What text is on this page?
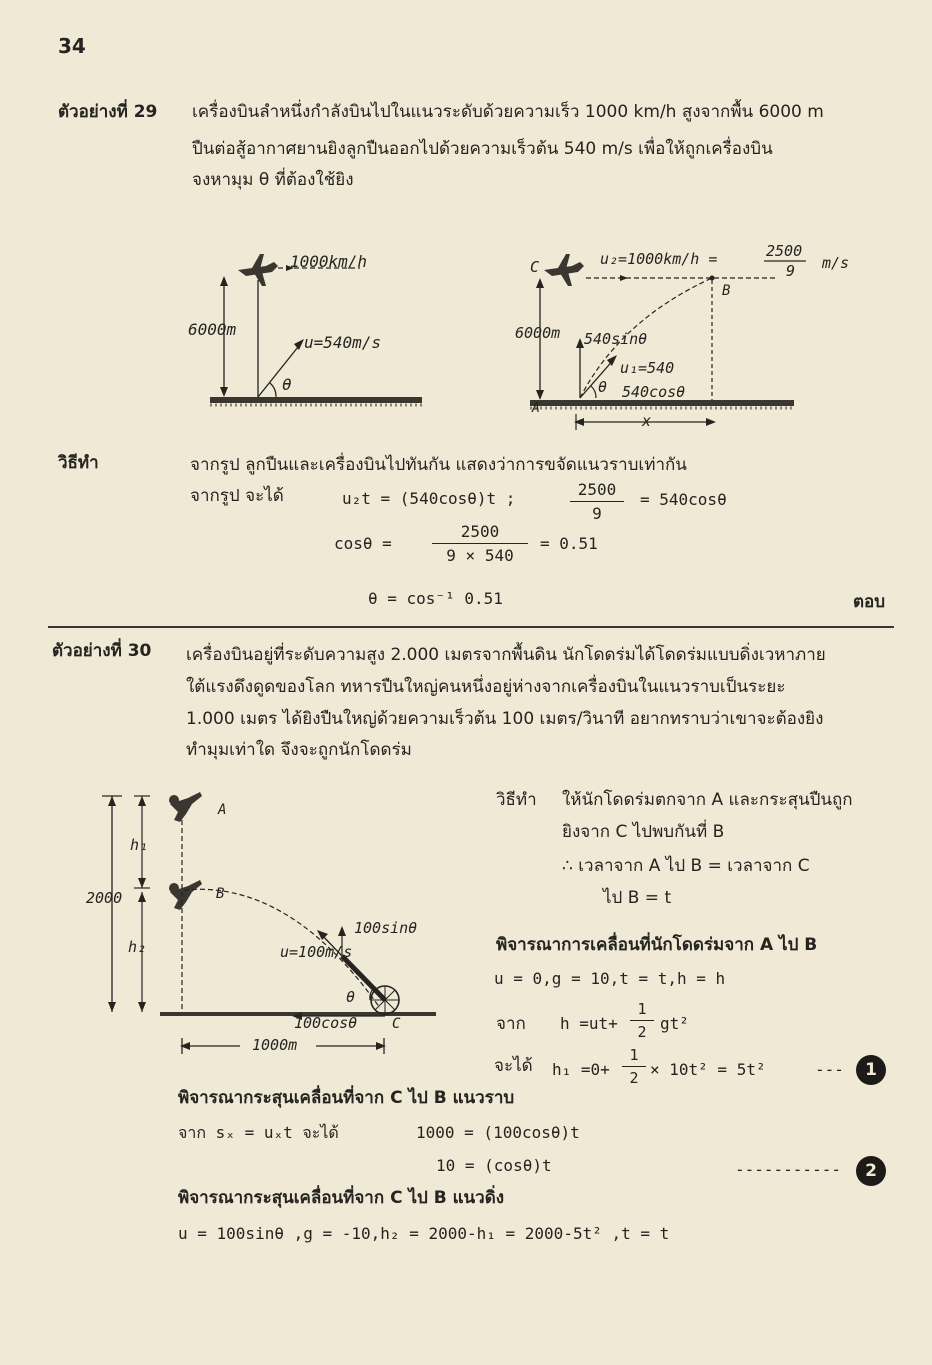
34
ตัวอย่างที่ 29 เครื่องบินลำหนึ่งกำลังบินไปในแนวระดับด้วยความเร็ว 1000 km/h สูงจากพื้น 6000 m
ปืนต่อสู้อากาศยานยิงลูกปืนออกไปด้วยความเร็วต้น 540 m/s เพื่อให้ถูกเครื่องบิน
จงหามุม θ ที่ต้องใช้ยิง
1000km/h
6000m
u=540m/s
θ
C	u₂=1000km/h =	2500
9 m/s
B
6000m
A
540sinθ
u₁=540
540cosθ
θ
x
วิธีทำ	จากรูป ลูกปืนและเครื่องบินไปทันกัน แสดงว่าการขจัดแนวราบเท่ากัน
จากรูป จะได้	u₂t = (540cosθ)t ;	$\frac{2500}{9} = 540\cos\theta$
cosθ =	$\frac{2500}{9 \times 540} = 0.51$
θ = cos⁻¹ 0.51	ตอบ
ตัวอย่างที่ 30 เครื่องบินอยู่ที่ระดับความสูง 2.000 เมตรจากพื้นดิน นักโดดร่มได้โดดร่มแบบดิ่งเวหาภาย
ใต้แรงดึงดูดของโลก ทหารปืนใหญ่คนหนึ่งอยู่ห่างจากเครื่องบินในแนวราบเป็นระยะ
1.000 เมตร ได้ยิงปืนใหญ่ด้วยความเร็วต้น 100 เมตร/วินาที อยากทราบว่าเขาจะต้องยิง
ทำมุมเท่าใด จึงจะถูกนักโดดร่ม
2000
h₁
h₂
A
B
100sinθ
u=100m/s
θ
100cosθ C
1000m
วิธีทำ ให้นักโดดร่มตกจาก A และกระสุนปืนถูก
ยิงจาก C ไปพบกันที่ B
∴ เวลาจาก A ไป B = เวลาจาก C
ไป B = t
พิจารณาการเคลื่อนที่นักโดดร่มจาก A ไป B
u = 0,g = 10,t = t,h = h
จาก $h =ut+ \frac{1}{2} gt^2$
จะได้ $h_1 =0+ \frac{1}{2} \times 10t^2 = 5t^2$	---	1
พิจารณากระสุนเคลื่อนที่จาก C ไป B แนวราบ
จาก sₓ = uₓt จะได้	1000 = (100cosθ)t
10 = (cosθ)t	-----------	2
พิจารณากระสุนเคลื่อนที่จาก C ไป B แนวดิ่ง
u = 100sinθ ,g = -10,h₂ = 2000-h₁ = 2000-5t² ,t = t
